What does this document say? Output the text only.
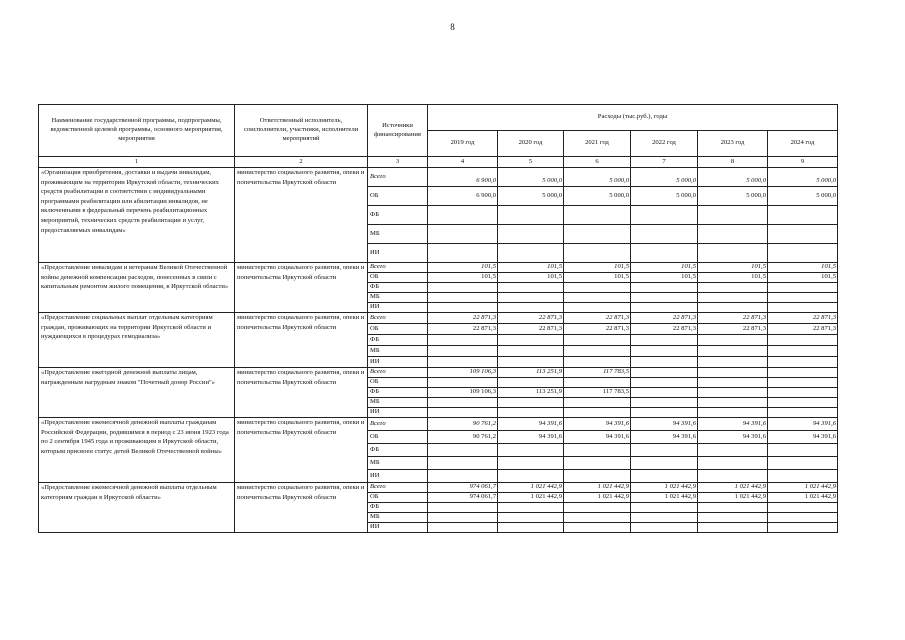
8
Наименование государственной программы, подпрограммы, ведомственной целевой программы, основного мероприятия, мероприятия	Ответственный исполнитель, соисполнители, участники, исполнители мероприятий	Источники финансирования	Расходы (тыс.руб.), годы					
			2019 год	2020 год	2021 год	2022 год	2023 год	2024 год
1	2	3	4	5	6	7	8	9
«Организация приобретения, доставки и выдачи инвалидам, проживающим на территории Иркутской области, технических средств реабилитации в соответствии с индивидуальными программами реабилитации или абилитации инвалидов, не включенными в федеральный перечень реабилитационных мероприятий, технических средств реабилитации и услуг, предоставляемых инвалидам»	министерство социального развития, опеки и попечительства Иркутской области	Всего	6 900,0	5 000,0	5 000,0	5 000,0	5 000,0	5 000,0
		ОБ	6 900,0	5 000,0	5 000,0	5 000,0	5 000,0	5 000,0
		ФБ						
		МБ						
		ИИ						
«Предоставление инвалидам и ветеранам Великой Отечественной войны денежной компенсации расходов, понесенных в связи с капитальным ремонтом жилого помещения, в Иркутской области»	министерство социального развития, опеки и попечительства Иркутской области	Всего	101,5	101,5	101,5	101,5	101,5	101,5
		ОБ	101,5	101,5	101,5	101,5	101,5	101,5
		ФБ						
		МБ						
		ИИ						
«Предоставление социальных выплат отдельным категориям граждан, проживающих на территории Иркутской области и нуждающихся в процедурах гемодиализа»	министерство социального развития, опеки и попечительства Иркутской области	Всего	22 871,3	22 871,3	22 871,3	22 871,3	22 871,3	22 871,3
		ОБ	22 871,3	22 871,3	22 871,3	22 871,3	22 871,3	22 871,3
		ФБ						
		МБ						
		ИИ						
«Предоставление ежегодной денежной выплаты лицам, награжденным нагрудным знаком "Почетный донор России"»	министерство социального развития, опеки и попечительства Иркутской области	Всего	109 106,3	113 251,9	117 783,5			
		ОБ						
		ФБ	109 106,3	113 251,9	117 783,5			
		МБ						
		ИИ						
«Предоставление ежемесячной денежной выплаты гражданам Российской Федерации, родившимся в период с 23 июня 1923 года по 2 сентября 1945 года и проживающим в Иркутской области, которым присвоен статус детей Великой Отечественной войны»	министерство социального развития, опеки и попечительства Иркутской области	Всего	90 761,2	94 391,6	94 391,6	94 391,6	94 391,6	94 391,6
		ОБ	90 761,2	94 391,6	94 391,6	94 391,6	94 391,6	94 391,6
		ФБ						
		МБ						
		ИИ						
«Предоставление ежемесячной денежной выплаты отдельным категориям граждан в Иркутской области»	министерство социального развития, опеки и попечительства Иркутской области	Всего	974 061,7	1 021 442,9	1 021 442,9	1 021 442,9	1 021 442,9	1 021 442,9
		ОБ	974 061,7	1 021 442,9	1 021 442,9	1 021 442,9	1 021 442,9	1 021 442,9
		ФБ						
		МБ						
		ИИ						
